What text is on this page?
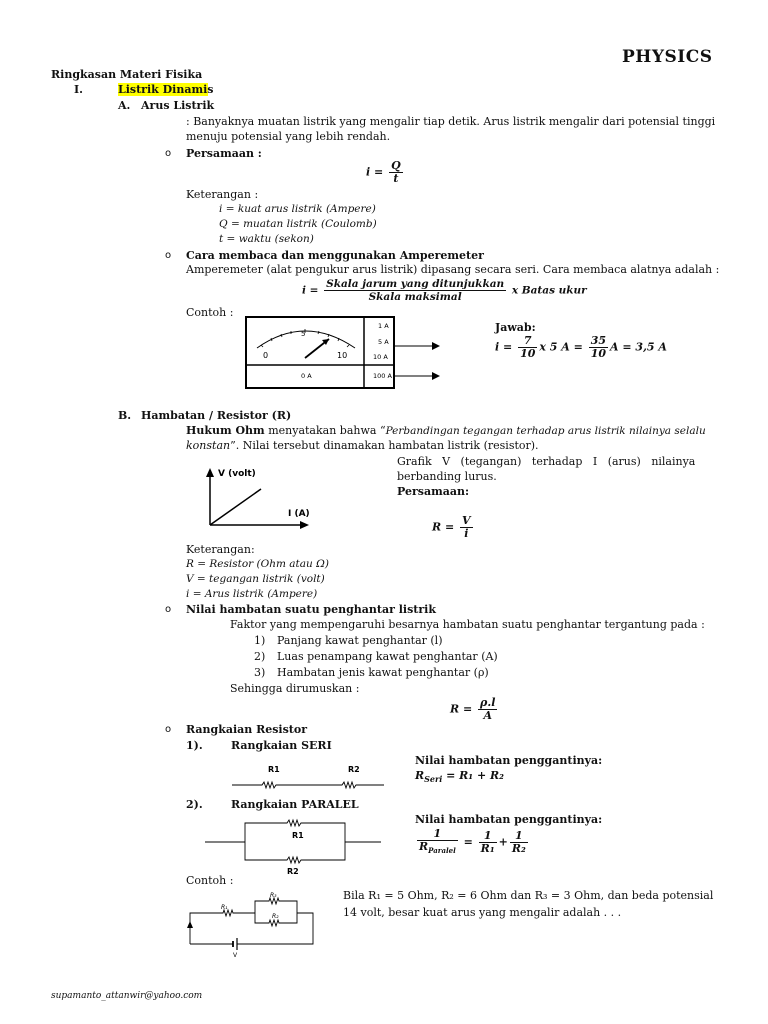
PHYSICS
Ringkasan Materi Fisika
I.	Listrik Dinamis
A. Arus Listrik
: Banyaknya muatan listrik yang mengalir tiap detik. Arus listrik mengalir dari potensial tinggi
menuju potensial yang lebih rendah.
o Persamaan :
$i = \frac{Q}{t}$
Keterangan :
i = kuat arus listrik (Ampere)
Q = muatan listrik (Coulomb)
t = waktu (sekon)
o Cara membaca dan menggunakan Amperemeter
Amperemeter (alat pengukur arus listrik) dipasang secara seri. Cara membaca alatnya adalah :
$i = \frac{\text{Skala jarum yang ditunjukkan}}{\text{Skala maksimal}}$ x Batas ukur
Contoh :
0
5
10
1 A
5 A
10 A
100 A
0 A
Jawab:
$i = \frac{7}{10}$ x 5 $A = \frac{35}{10}$ A = 3,5 A
B. Hambatan / Resistor (R)
Hukum Ohm menyatakan bahwa “Perbandingan tegangan terhadap arus listrik nilainya selalu
konstan”. Nilai tersebut dinamakan hambatan listrik (resistor).
V (volt)
I (A)
Grafik   V   (tegangan)   terhadap   I   (arus)   nilainya
berbanding lurus.
Persamaan:
$R = \frac{V}{i}$
Keterangan:
R = Resistor (Ohm atau Ω)
V = tegangan listrik (volt)
i = Arus listrik (Ampere)
o Nilai hambatan suatu penghantar listrik
Faktor yang mempengaruhi besarnya hambatan suatu penghantar tergantung pada :
1) Panjang kawat penghantar (l)
2) Luas penampang kawat penghantar (A)
3) Hambatan jenis kawat penghantar (ρ)
Sehingga dirumuskan :
$R = \frac{\rho.l}{A}$
o Rangkaian Resistor
1).	Rangkaian SERI
R1	R2
Nilai hambatan penggantinya:
$R_{Seri} = R_1 + R_2$
2).	Rangkaian PARALEL
R1
R2
Nilai hambatan penggantinya:
$\frac{1}{R_{Paralel}} = \frac{1}{\text{R₁}} + \frac{1}{\text{R₂}}$
Contoh :
R₃
R₁
R₂
V
Bila R₁ = 5 Ohm, R₂ = 6 Ohm dan R₃ = 3 Ohm, dan beda potensial
14 volt, besar kuat arus yang mengalir adalah . . .
supamanto_attanwir@yahoo.com
